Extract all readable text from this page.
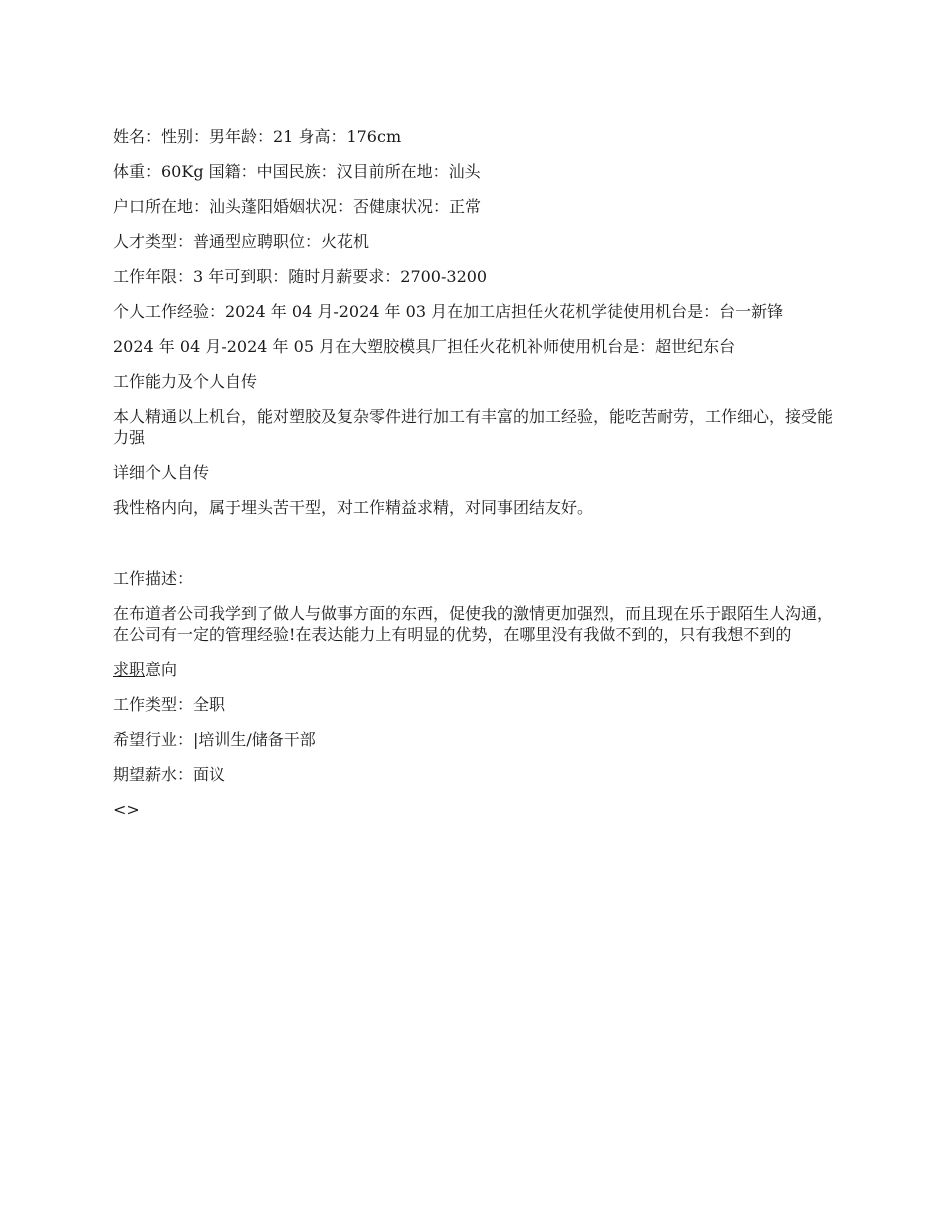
姓名：性别：男年龄：21 身高：176cm

体重：60Kg 国籍：中国民族：汉目前所在地：汕头

户口所在地：汕头蓬阳婚姻状况：否健康状况：正常

人才类型：普通型应聘职位：火花机

工作年限：3 年可到职：随时月薪要求：2700-3200

个人工作经验：2024 年 04 月-2024 年 03 月在加工店担任火花机学徒使用机台是：台一新锋

2024 年 04 月-2024 年 05 月在大塑胶模具厂担任火花机补师使用机台是：超世纪东台

工作能力及个人自传

本人精通以上机台，能对塑胶及复杂零件进行加工有丰富的加工经验，能吃苦耐劳，工作细心，接受能力强

详细个人自传

我性格内向，属于埋头苦干型，对工作精益求精，对同事团结友好。

工作描述：

在布道者公司我学到了做人与做事方面的东西，促使我的激情更加强烈，而且现在乐于跟陌生人沟通，在公司有一定的管理经验!在表达能力上有明显的优势，在哪里没有我做不到的，只有我想不到的

求职意向

工作类型：全职

希望行业：|培训生/储备干部

期望薪水：面议

<>
